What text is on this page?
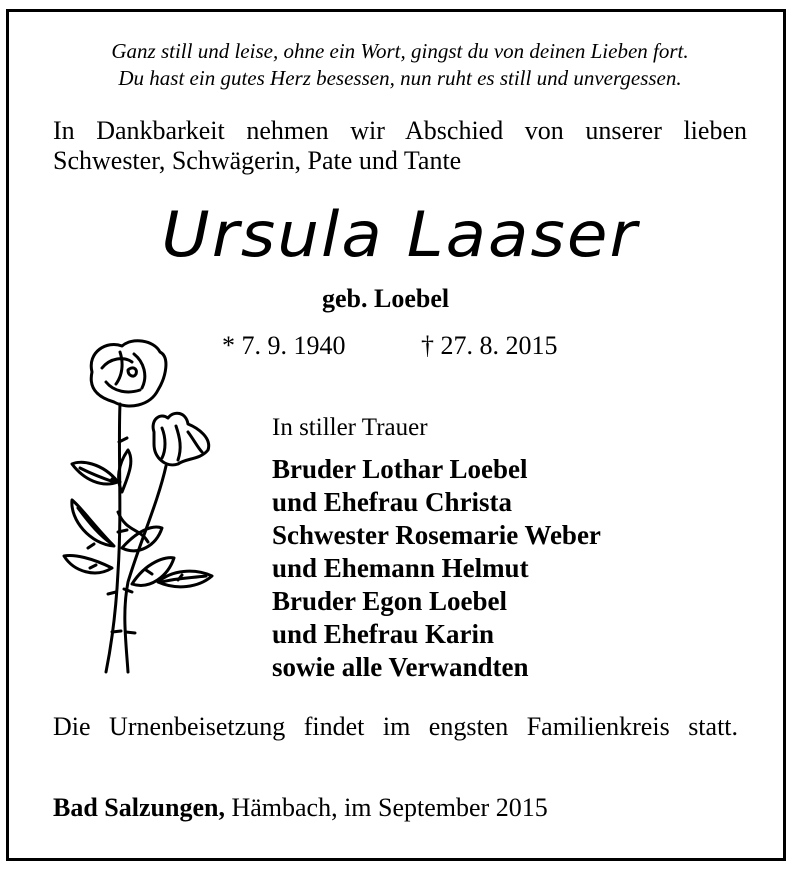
Ganz still und leise, ohne ein Wort, gingst du von deinen Lieben fort.
Du hast ein gutes Herz besessen, nun ruht es still und unvergessen.
In Dankbarkeit nehmen wir Abschied von unserer lieben Schwester, Schwägerin, Pate und Tante
Ursula Laaser
geb. Loebel
* 7. 9. 1940	† 27. 8. 2015
In stiller Trauer
Bruder Lothar Loebel
und Ehefrau Christa
Schwester Rosemarie Weber
und Ehemann Helmut
Bruder Egon Loebel
und Ehefrau Karin
sowie alle Verwandten
Die Urnenbeisetzung findet im engsten Familienkreis statt.
Bad Salzungen, Hämbach, im September 2015
